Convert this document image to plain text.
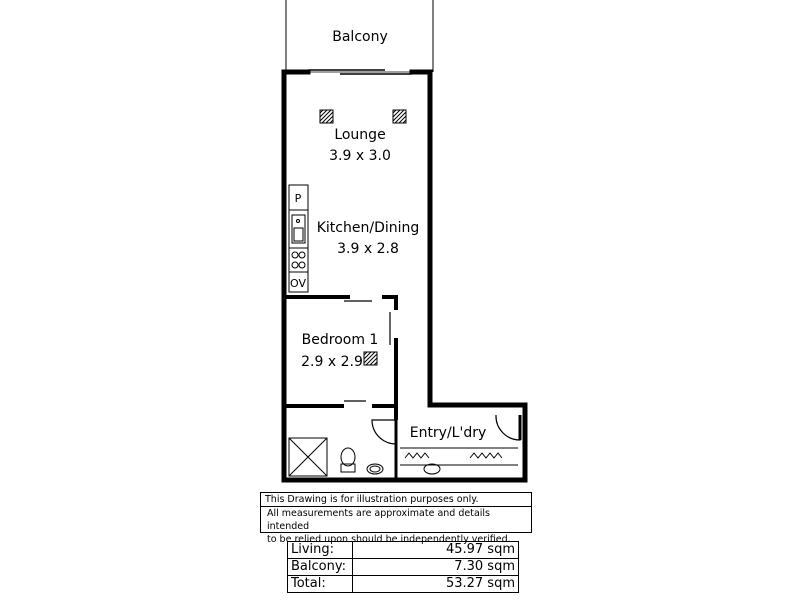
P
OV
Balcony
Lounge
3.9 x 3.0
Kitchen/Dining
3.9 x 2.8
Bedroom 1
2.9 x 2.9
Entry/L'dry
This Drawing is for illustration purposes only.
All measurements are approximate and details intended
to be relied upon should be independently verified.
Living:	45.97 sqm
Balcony:	7.30 sqm
Total:	53.27 sqm
